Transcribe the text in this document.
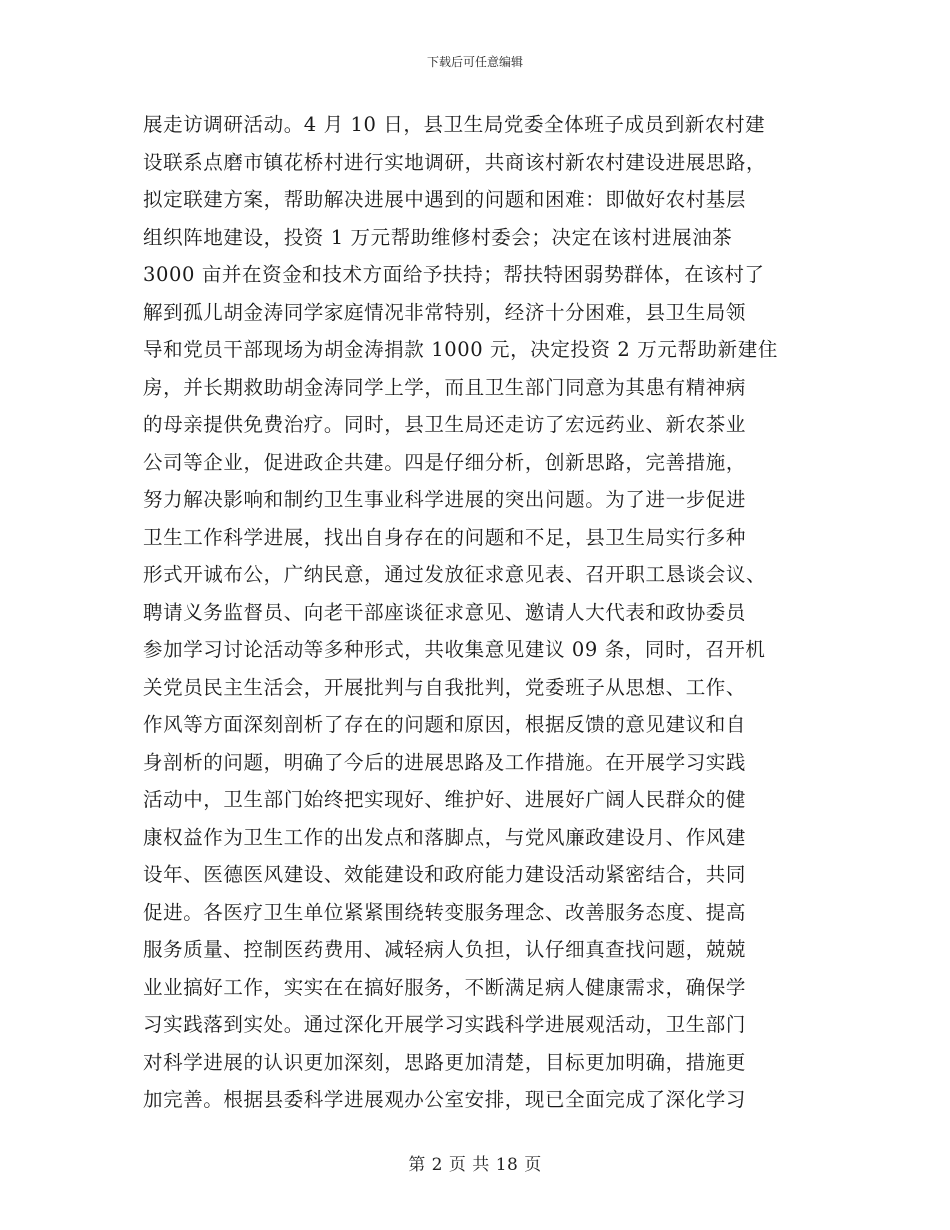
下载后可任意编辑
展走访调研活动。4 月 10 日，县卫生局党委全体班子成员到新农村建
设联系点磨市镇花桥村进行实地调研，共商该村新农村建设进展思路，
拟定联建方案，帮助解决进展中遇到的问题和困难：即做好农村基层
组织阵地建设，投资 1 万元帮助维修村委会；决定在该村进展油茶
3000 亩并在资金和技术方面给予扶持；帮扶特困弱势群体，在该村了
解到孤儿胡金涛同学家庭情况非常特别，经济十分困难，县卫生局领
导和党员干部现场为胡金涛捐款 1000 元，决定投资 2 万元帮助新建住
房，并长期救助胡金涛同学上学，而且卫生部门同意为其患有精神病
的母亲提供免费治疗。同时，县卫生局还走访了宏远药业、新农茶业
公司等企业，促进政企共建。四是仔细分析，创新思路，完善措施，
努力解决影响和制约卫生事业科学进展的突出问题。为了进一步促进
卫生工作科学进展，找出自身存在的问题和不足，县卫生局实行多种
形式开诚布公，广纳民意，通过发放征求意见表、召开职工恳谈会议、
聘请义务监督员、向老干部座谈征求意见、邀请人大代表和政协委员
参加学习讨论活动等多种形式，共收集意见建议 09 条，同时，召开机
关党员民主生活会，开展批判与自我批判，党委班子从思想、工作、
作风等方面深刻剖析了存在的问题和原因，根据反馈的意见建议和自
身剖析的问题，明确了今后的进展思路及工作措施。在开展学习实践
活动中，卫生部门始终把实现好、维护好、进展好广阔人民群众的健
康权益作为卫生工作的出发点和落脚点，与党风廉政建设月、作风建
设年、医德医风建设、效能建设和政府能力建设活动紧密结合，共同
促进。各医疗卫生单位紧紧围绕转变服务理念、改善服务态度、提高
服务质量、控制医药费用、减轻病人负担，认仔细真查找问题，兢兢
业业搞好工作，实实在在搞好服务，不断满足病人健康需求，确保学
习实践落到实处。通过深化开展学习实践科学进展观活动，卫生部门
对科学进展的认识更加深刻，思路更加清楚，目标更加明确，措施更
加完善。根据县委科学进展观办公室安排，现已全面完成了深化学习
第 2 页 共 18 页
